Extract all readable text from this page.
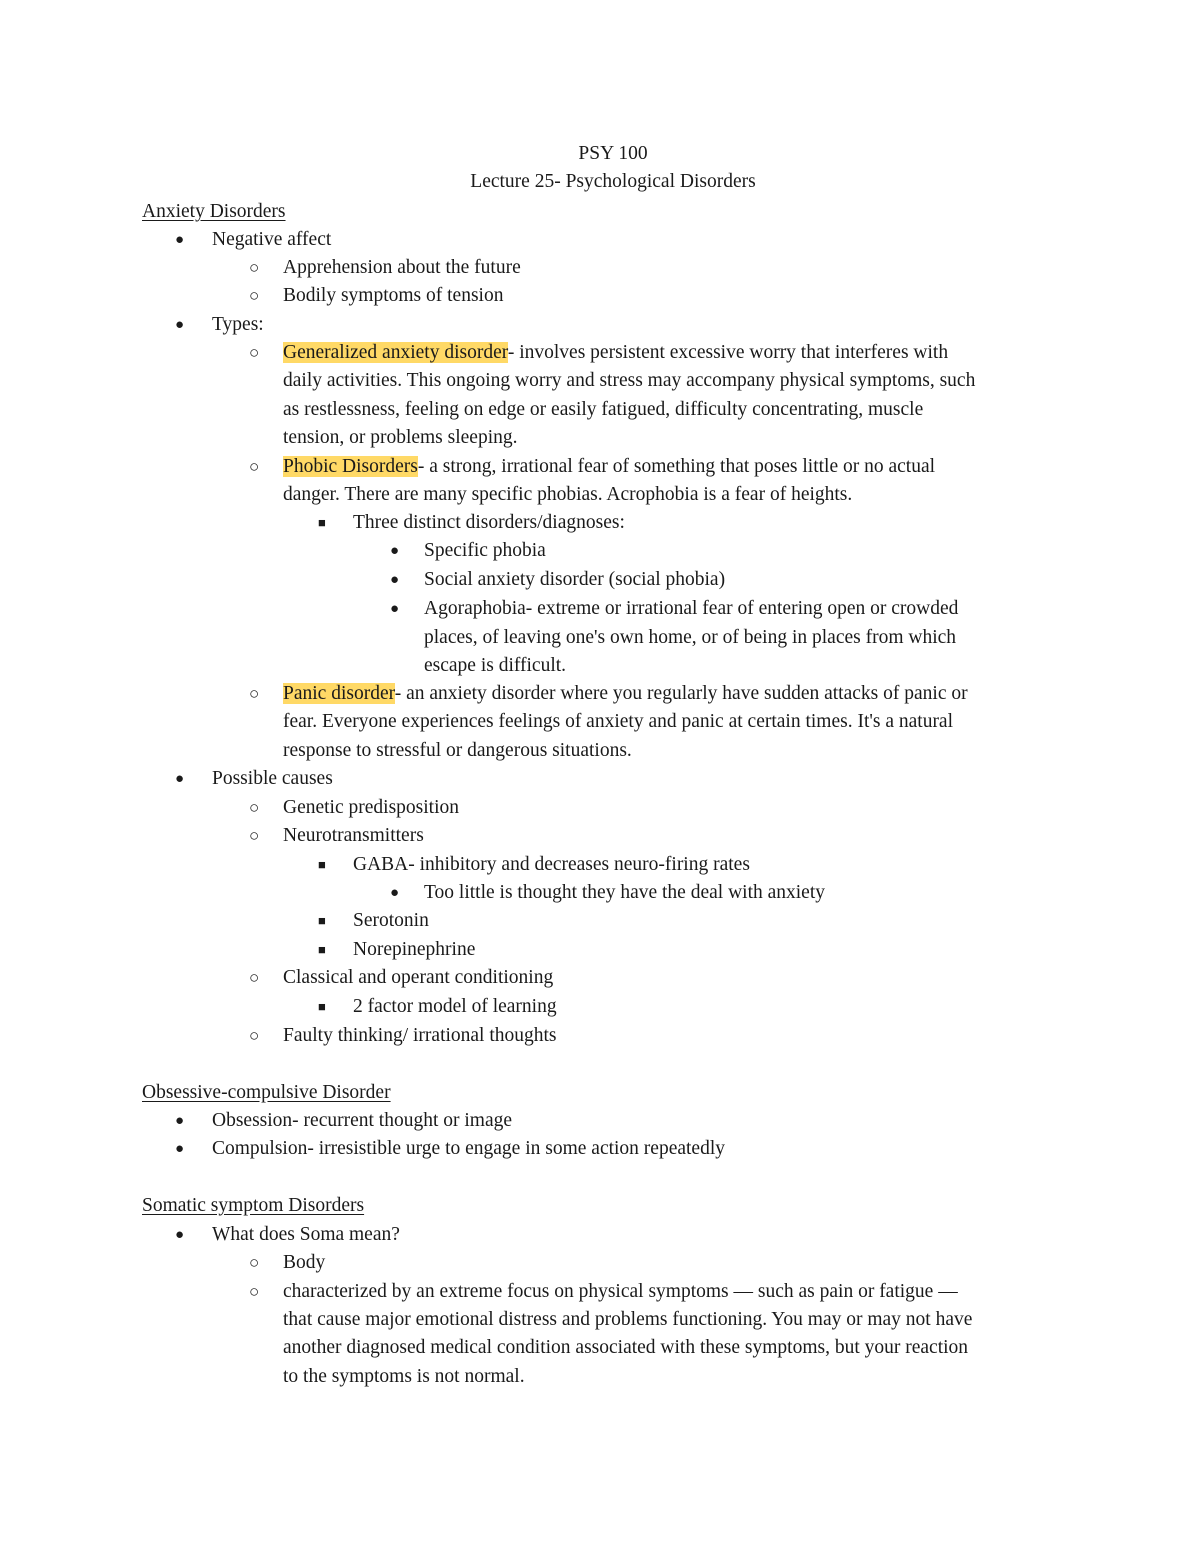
PSY 100
Lecture 25- Psychological Disorders
Anxiety Disorders
●
Negative affect
○
Apprehension about the future
○
Bodily symptoms of tension
●
Types:
○
Generalized anxiety disorder- involves persistent excessive worry that interferes with
daily activities. This ongoing worry and stress may accompany physical symptoms, such
as restlessness, feeling on edge or easily fatigued, difficulty concentrating, muscle
tension, or problems sleeping.
○
Phobic Disorders- a strong, irrational fear of something that poses little or no actual
danger. There are many specific phobias. Acrophobia is a fear of heights.
■
Three distinct disorders/diagnoses:
●
Specific phobia
●
Social anxiety disorder (social phobia)
●
Agoraphobia- extreme or irrational fear of entering open or crowded
places, of leaving one's own home, or of being in places from which
escape is difficult.
○
Panic disorder- an anxiety disorder where you regularly have sudden attacks of panic or
fear. Everyone experiences feelings of anxiety and panic at certain times. It's a natural
response to stressful or dangerous situations.
●
Possible causes
○
Genetic predisposition
○
Neurotransmitters
■
GABA- inhibitory and decreases neuro-firing rates
●
Too little is thought they have the deal with anxiety
■
Serotonin
■
Norepinephrine
○
Classical and operant conditioning
■
2 factor model of learning
○
Faulty thinking/ irrational thoughts
Obsessive-compulsive Disorder
●
Obsession- recurrent thought or image
●
Compulsion- irresistible urge to engage in some action repeatedly
Somatic symptom Disorders
●
What does Soma mean?
○
Body
○
characterized by an extreme focus on physical symptoms — such as pain or fatigue —
that cause major emotional distress and problems functioning. You may or may not have
another diagnosed medical condition associated with these symptoms, but your reaction
to the symptoms is not normal.
